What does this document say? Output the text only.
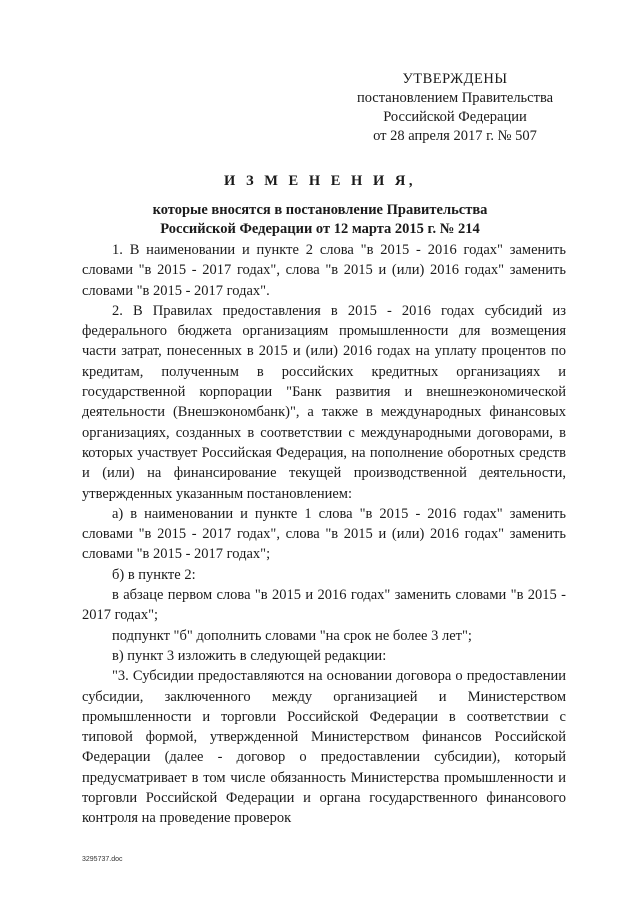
УТВЕРЖДЕНЫ
постановлением Правительства
Российской Федерации
от 28 апреля 2017 г. № 507
И З М Е Н Е Н И Я,
которые вносятся в постановление Правительства
Российской Федерации от 12 марта 2015 г. № 214

1. В наименовании и пункте 2 слова "в 2015 - 2016 годах" заменить словами "в 2015 - 2017 годах", слова "в 2015 и (или) 2016 годах" заменить словами "в 2015 - 2017 годах".

2. В Правилах предоставления в 2015 - 2016 годах субсидий из федерального бюджета организациям промышленности для возмещения части затрат, понесенных в 2015 и (или) 2016 годах на уплату процентов по кредитам, полученным в российских кредитных организациях и государственной корпорации "Банк развития и внешнеэкономической деятельности (Внешэкономбанк)", а также в международных финансовых организациях, созданных в соответствии с международными договорами, в которых участвует Российская Федерация, на пополнение оборотных средств и (или) на финансирование текущей производственной деятельности, утвержденных указанным постановлением:

а) в наименовании и пункте 1 слова "в 2015 - 2016 годах" заменить словами "в 2015 - 2017 годах", слова "в 2015 и (или) 2016 годах" заменить словами "в 2015 - 2017 годах";

б) в пункте 2:

в абзаце первом слова "в 2015 и 2016 годах" заменить словами "в 2015 - 2017 годах";

подпункт "б" дополнить словами "на срок не более 3 лет";

в) пункт 3 изложить в следующей редакции:

"3. Субсидии предоставляются на основании договора о предоставлении субсидии, заключенного между организацией и Министерством промышленности и торговли Российской Федерации в соответствии с типовой формой, утвержденной Министерством финансов Российской Федерации (далее - договор о предоставлении субсидии), который предусматривает в том числе обязанность Министерства промышленности и торговли Российской Федерации и органа государственного финансового контроля на проведение проверок

3295737.doc
